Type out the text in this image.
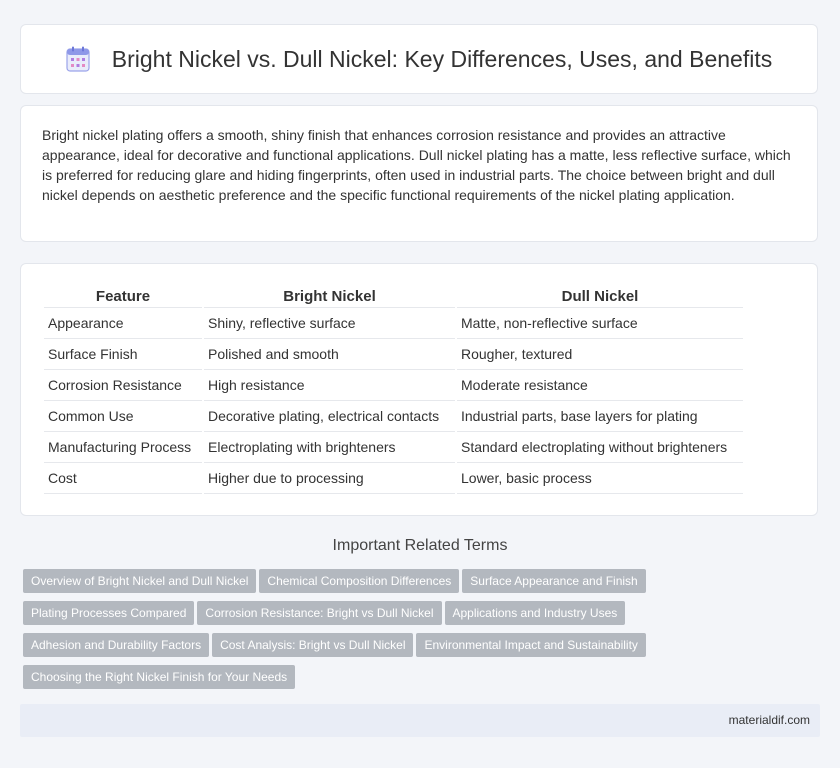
Bright Nickel vs. Dull Nickel: Key Differences, Uses, and Benefits

Bright nickel plating offers a smooth, shiny finish that enhances corrosion resistance and provides an attractive appearance, ideal for decorative and functional applications. Dull nickel plating has a matte, less reflective surface, which is preferred for reducing glare and hiding fingerprints, often used in industrial parts. The choice between bright and dull nickel depends on aesthetic preference and the specific functional requirements of the nickel plating application.

Feature	Bright Nickel	Dull Nickel
Appearance	Shiny, reflective surface	Matte, non-reflective surface
Surface Finish	Polished and smooth	Rougher, textured
Corrosion Resistance	High resistance	Moderate resistance
Common Use	Decorative plating, electrical contacts	Industrial parts, base layers for plating
Manufacturing Process	Electroplating with brighteners	Standard electroplating without brighteners
Cost	Higher due to processing	Lower, basic process
Important Related Terms
Overview of Bright Nickel and Dull Nickel Chemical Composition Differences Surface Appearance and Finish
Plating Processes Compared Corrosion Resistance: Bright vs Dull Nickel Applications and Industry Uses
Adhesion and Durability Factors Cost Analysis: Bright vs Dull Nickel Environmental Impact and Sustainability
Choosing the Right Nickel Finish for Your Needs
materialdif.com
